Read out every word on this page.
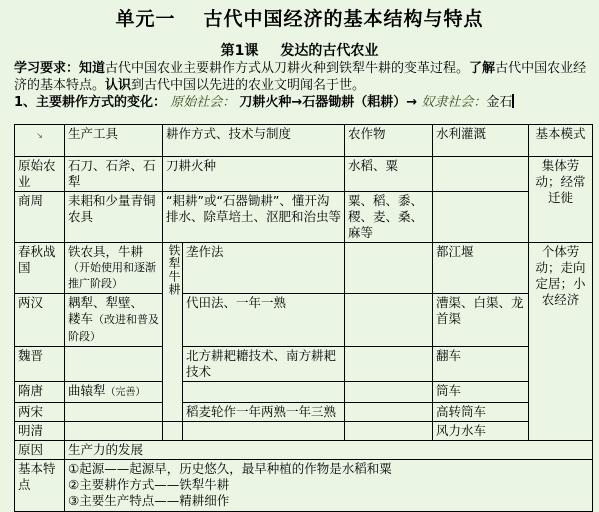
单元一 古代中国经济的基本结构与特点
第1课 发达的古代农业
学习要求：知道古代中国农业主要耕作方式从刀耕火种到铁犁牛耕的变革过程。了解古代中国农业经济的基本特点。认识到古代中国以先进的农业文明闻名于世。
1、主要耕作方式的变化： 原始社会： 刀耕火种→石器锄耕（耜耕）→ 奴隶社会：金石
↘	生产工具	耕作方式、技术与制度		农作物	水利灌溉	基本模式
原始农业	石刀、石斧、石犁	刀耕火种		水稻、粟		集体劳动；经常迁徙
商周	耒耜和少量青铜农具	“耜耕”或“石器锄耕”、懂开沟排水、除草培土、沤肥和治虫等		粟、稻、黍、稷、麦、桑、麻等		
春秋战国	铁农具，牛耕
（开始使用和逐渐推广阶段）	铁犁牛耕	垄作法		都江堰	个体劳动；走向定居；小农经济
两汉	耦犁、犁壁、
耧车（改进和普及阶段）		代田法、一年一熟		漕渠、白渠、龙首渠	
魏晋			北方耕耙耱技术、南方耕耙技术		翻车	
隋唐	曲辕犁（完善）				筒车	
两宋			稻麦轮作一年两熟一年三熟		高转筒车	
明清					风力水车	
原因	生产力的发展					
基本特点	①起源——起源早，历史悠久，最早种植的作物是水稻和粟
②主要耕作方式——铁犁牛耕
③主要生产特点——精耕细作					
